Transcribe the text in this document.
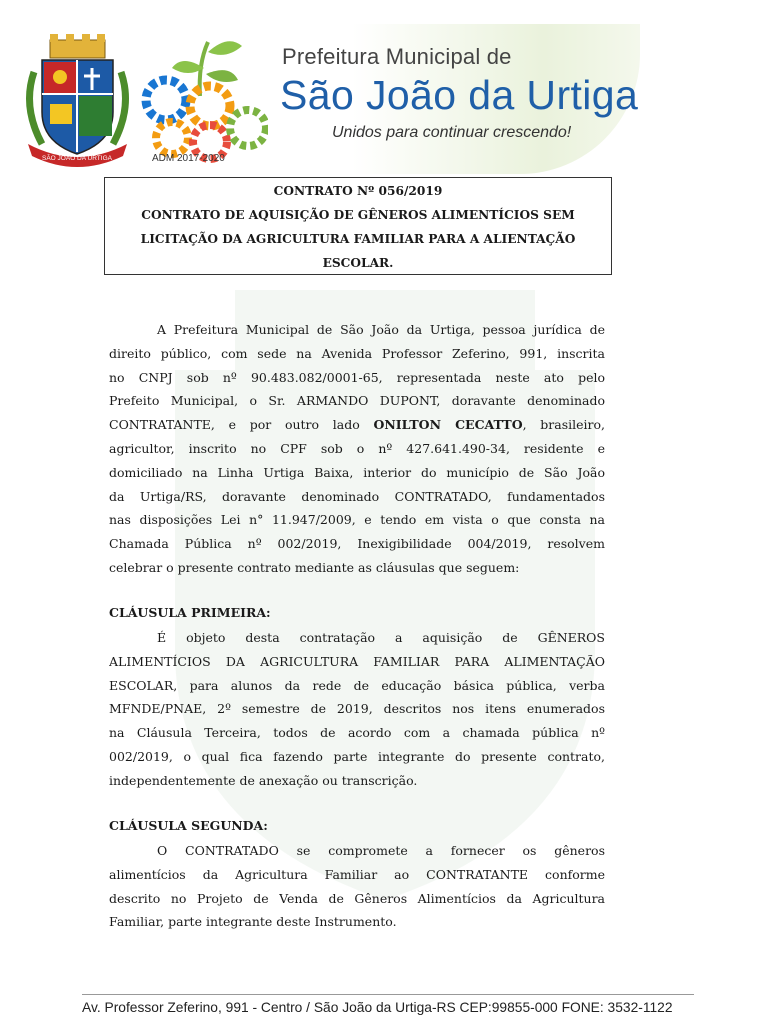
SÃO JOÃO DA URTIGA	ADM 2017-2020
Prefeitura Municipal de
São João da Urtiga
Unidos para continuar crescendo!
CONTRATO Nº 056/2019
CONTRATO DE AQUISIÇÃO DE GÊNEROS ALIMENTÍCIOS SEM
LICITAÇÃO DA AGRICULTURA FAMILIAR PARA A ALIENTAÇÃO
ESCOLAR.
A Prefeitura Municipal de São João da Urtiga, pessoa jurídica de
direito público, com sede na Avenida Professor Zeferino, 991, inscrita
no CNPJ sob nº 90.483.082/0001-65, representada neste ato pelo
Prefeito Municipal, o Sr. ARMANDO DUPONT, doravante denominado
CONTRATANTE, e por outro lado ONILTON CECATTO, brasileiro,
agricultor, inscrito no CPF sob o nº 427.641.490-34, residente e
domiciliado na Linha Urtiga Baixa, interior do município de São João
da Urtiga/RS, doravante denominado CONTRATADO, fundamentados
nas disposições Lei n° 11.947/2009, e tendo em vista o que consta na
Chamada Pública nº 002/2019, Inexigibilidade 004/2019, resolvem
celebrar o presente contrato mediante as cláusulas que seguem:
CLÁUSULA PRIMEIRA:
É objeto desta contratação a aquisição de GÊNEROS
ALIMENTÍCIOS DA AGRICULTURA FAMILIAR PARA ALIMENTAÇÃO
ESCOLAR, para alunos da rede de educação básica pública, verba
MFNDE/PNAE, 2º semestre de 2019, descritos nos itens enumerados
na Cláusula Terceira, todos de acordo com a chamada pública nº
002/2019, o qual fica fazendo parte integrante do presente contrato,
independentemente de anexação ou transcrição.
CLÁUSULA SEGUNDA:
O CONTRATADO se compromete a fornecer os gêneros
alimentícios da Agricultura Familiar ao CONTRATANTE conforme
descrito no Projeto de Venda de Gêneros Alimentícios da Agricultura
Familiar, parte integrante deste Instrumento.
Av. Professor Zeferino, 991 - Centro / São João da Urtiga-RS CEP:99855-000 FONE: 3532-1122
